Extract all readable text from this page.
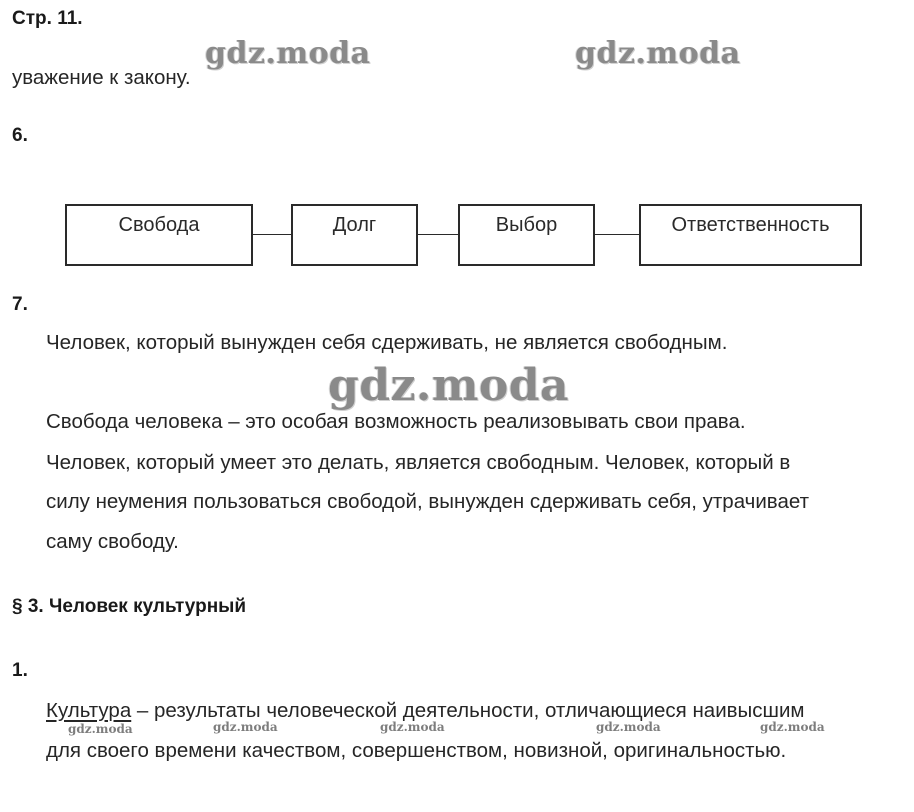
Стр. 11.
gdz.moda	gdz.moda
уважение к закону.
6.
Свобода	Долг	Выбор	Ответственность
7.
Человек, который вынужден себя сдерживать, не является свободным.
gdz.moda
Свобода человека – это особая возможность реализовывать свои права.
Человек, который умеет это делать, является свободным. Человек, который в
силу неумения пользоваться свободой, вынужден сдерживать себя, утрачивает
саму свободу.
§ 3. Человек культурный
1.
Культура – результаты человеческой деятельности, отличающиеся наивысшим
gdz.moda	gdz.moda	gdz.moda	gdz.moda	gdz.moda
для своего времени качеством, совершенством, новизной, оригинальностью.
